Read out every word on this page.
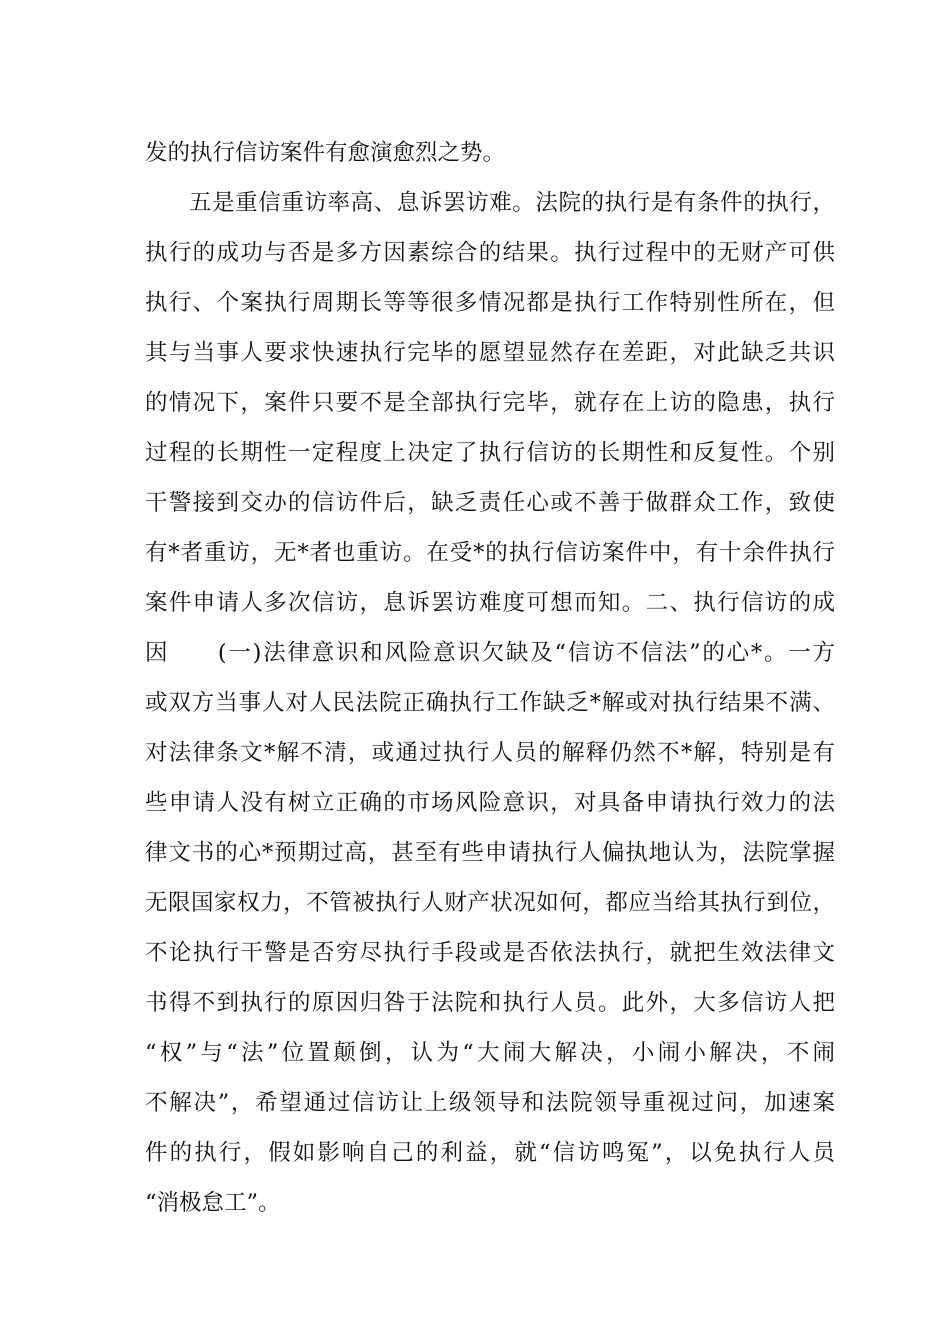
发的执行信访案件有愈演愈烈之势。
五是重信重访率高、息诉罢访难。法院的执行是有条件的执行，
执行的成功与否是多方因素综合的结果。执行过程中的无财产可供
执行、个案执行周期长等等很多情况都是执行工作特别性所在，但
其与当事人要求快速执行完毕的愿望显然存在差距，对此缺乏共识
的情况下，案件只要不是全部执行完毕，就存在上访的隐患，执行
过程的长期性一定程度上决定了执行信访的长期性和反复性。个别
干警接到交办的信访件后，缺乏责任心或不善于做群众工作，致使
有*者重访，无*者也重访。在受*的执行信访案件中，有十余件执行
案件申请人多次信访，息诉罢访难度可想而知。二、执行信访的成
因　　(一)法律意识和风险意识欠缺及“信访不信法”的心*。一方
或双方当事人对人民法院正确执行工作缺乏*解或对执行结果不满、
对法律条文*解不清，或通过执行人员的解释仍然不*解，特别是有
些申请人没有树立正确的市场风险意识，对具备申请执行效力的法
律文书的心*预期过高，甚至有些申请执行人偏执地认为，法院掌握
无限国家权力，不管被执行人财产状况如何，都应当给其执行到位，
不论执行干警是否穷尽执行手段或是否依法执行，就把生效法律文
书得不到执行的原因归咎于法院和执行人员。此外，大多信访人把
“权”与“法”位置颠倒，认为“大闹大解决，小闹小解决，不闹
不解决”，希望通过信访让上级领导和法院领导重视过问，加速案
件的执行，假如影响自己的利益，就“信访鸣冤”，以免执行人员
“消极怠工”。
